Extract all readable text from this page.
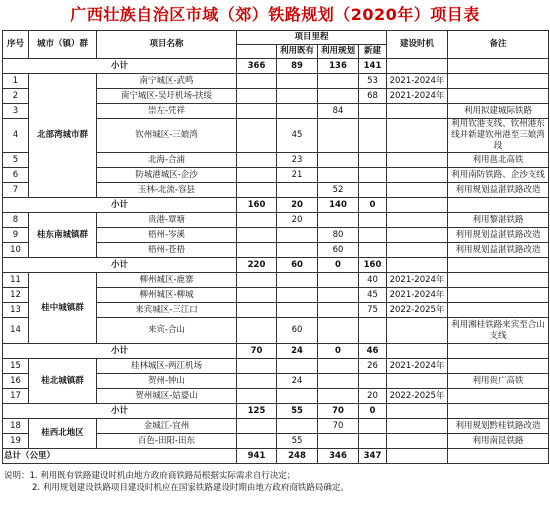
广西壮族自治区市域（郊）铁路规划（2020年）项目表
序号	城市（镇）群	项目名称	项目里程				建设时机	备注
				利用既有	利用规划	新建		
小计			366	89	136	141		
1	北部湾城市群	南宁城区-武鸣				53	2021-2024年	
2		南宁城区-吴圩机场-扶绥				68	2021-2024年	
3		崇左-凭祥			84			利用拟建城际铁路
4		钦州城区-三娘湾		45				利用钦港支线、钦州港东线并新建钦州港至三娘湾段
5		北海-合浦		23				利用邕北高铁
6		防城港城区-企沙		21				利用南防铁路、企沙支线
7		玉林-北流-容县			52			利用规划益湛铁路改造
小计			160	20	140	0		
8	桂东南城镇群	贵港-覃塘		20				利用黎湛铁路
9		梧州-岑溪			80			利用规划益湛铁路改造
10		梧州-苍梧			60			利用规划益湛铁路改造
小计			220	60	0	160		
11	桂中城镇群	柳州城区-鹿寨				40	2021-2024年	
12		柳州城区-柳城				45	2021-2024年	
13		来宾城区-三江口				75	2022-2025年	
14		来宾-合山		60				利用湘桂铁路来宾至合山支线
小计			70	24	0	46		
15	桂北城镇群	桂林城区-两江机场				26	2021-2024年	
16		贺州-钟山		24				利用贵广高铁
17		贺州城区-姑婆山				20	2022-2025年	
小计			125	55	70	0		
18	桂西北地区	金城江-宜州			70			利用规划黔桂铁路改造
19		百色-田阳-田东		55				利用南昆铁路
总计（公里）			941	248	346	347		
说明：1. 利用既有铁路建设时机由地方政府商铁路局根据实际需求自行决定；
2. 利用规划建设铁路项目建设时机应在国家铁路建设时期由地方政府商铁路局确定。
